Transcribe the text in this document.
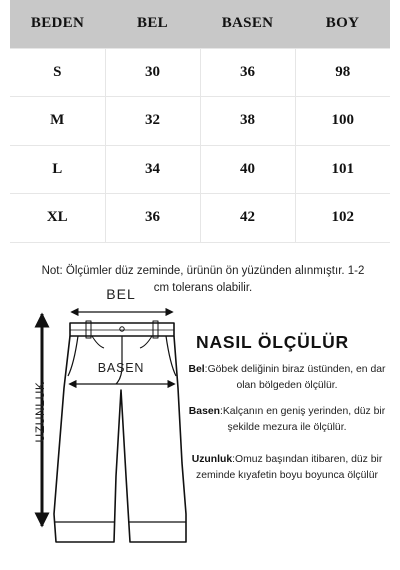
BEDEN	BEL	BASEN	BOY
S	30	36	98
M	32	38	100
L	34	40	101
XL	36	42	102

Not: Ölçümler düz zeminde, ürünün ön yüzünden alınmıştır. 1-2 cm tolerans olabilir.

BEL
BASEN
UZUNLUK
NASIL ÖLÇÜLÜR

Bel:Göbek deliğinin biraz üstünden, en dar olan bölgeden ölçülür.

Basen:Kalçanın en geniş yerinden, düz bir şekilde mezura ile ölçülür.

Uzunluk:Omuz başından itibaren, düz bir zeminde kıyafetin boyu boyunca ölçülür
